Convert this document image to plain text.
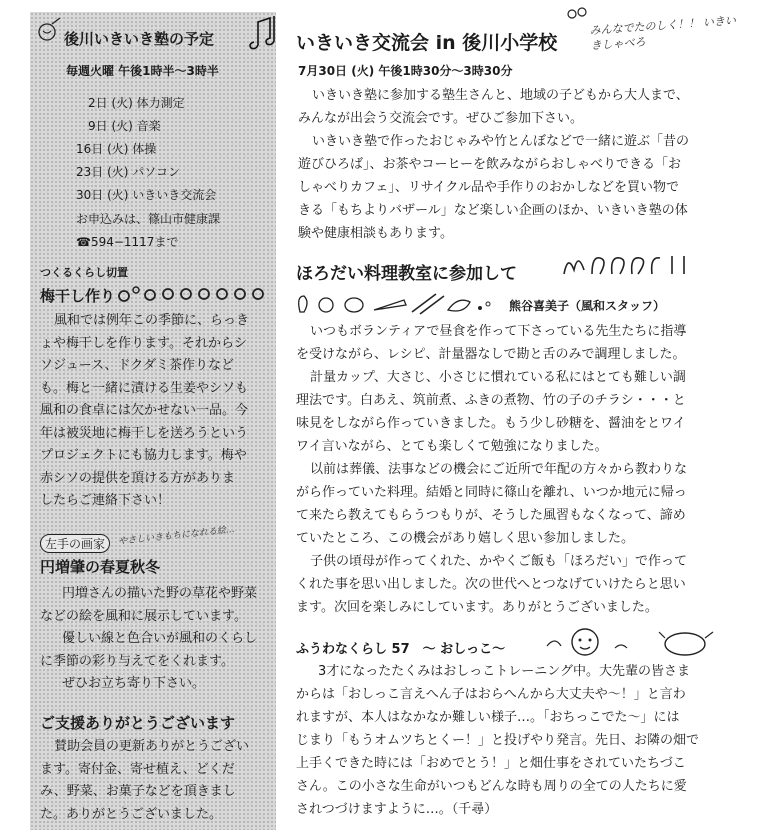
後川いきいき塾の予定
毎週火曜 午後1時半〜3時半
2日 (火) 体力測定
9日 (火) 音楽
16日 (火) 体操
23日 (火) パソコン
30日 (火) いきいき交流会
お申込みは、篠山市健康課
☎594−1117まで
つくるくらし切置
梅干し作り
風和では例年この季節に、らっき
ょや梅干しを作ります。それからシ
ソジュース、ドクダミ茶作りなど
も。梅と一緒に漬ける生姜やシソも
風和の食卓には欠かせない一品。今
年は被災地に梅干しを送ろうという
プロジェクトにも協力します。梅や
赤シソの提供を頂ける方がありま
したらご連絡下さい！
左手の画家	やさしいきもちになれる絵…
円増肇の春夏秋冬
円増さんの描いた野の草花や野菜
などの絵を風和に展示しています。
優しい線と色合いが風和のくらし
に季節の彩り与えてをくれます。
ぜひお立ち寄り下さい。
ご支援ありがとうございます
賛助会員の更新ありがとうござい
ます。寄付金、寄せ植え、どくだ
み、野菜、お菓子などを頂きまし
た。ありがとうございました。
いきいき交流会 in 後川小学校
みんなでたのしく！！ いきいきしゃべろ
7月30日 (火) 午後1時30分〜3時30分
いきいき塾に参加する塾生さんと、地域の子どもから大人まで、
みんなが出会う交流会です。ぜひご参加下さい。
いきいき塾で作ったおじゃみや竹とんぼなどで一緒に遊ぶ「昔の
遊びひろば」、お茶やコーヒーを飲みながらおしゃべりできる「お
しゃべりカフェ」、リサイクル品や手作りのおかしなどを買い物で
きる「もちよりバザール」など楽しい企画のほか、いきいき塾の体
験や健康相談もあります。
ほろだい料理教室に参加して
熊谷喜美子（風和スタッフ）
いつもボランティアで昼食を作って下さっている先生たちに指導
を受けながら、レシピ、計量器なしで勘と舌のみで調理しました。
計量カップ、大さじ、小さじに慣れている私にはとても難しい調
理法です。白あえ、筑前煮、ふきの煮物、竹の子のチラシ・・・と
味見をしながら作っていきました。もう少し砂糖を、醤油をとワイ
ワイ言いながら、とても楽しくて勉強になりました。
以前は葬儀、法事などの機会にご近所で年配の方々から教わりな
がら作っていた料理。結婚と同時に篠山を離れ、いつか地元に帰っ
て来たら教えてもらうつもりが、そうした風習もなくなって、諦め
ていたところ、この機会があり嬉しく思い参加しました。
子供の頃母が作ってくれた、かやくご飯も「ほろだい」で作って
くれた事を思い出しました。次の世代へとつなげていけたらと思い
ます。次回を楽しみにしています。ありがとうございました。
ふうわなくらし 57　〜 おしっこ〜
3才になったたくみはおしっこトレーニング中。大先輩の皆さま
からは「おしっこ言えへん子はおらへんから大丈夫や〜！」と言わ
れますが、本人はなかなか難しい様子…。「おちっこでた〜」には
じまり「もうオムツちとくー！」と投げやり発言。先日、お隣の畑で
上手くできた時には「おめでとう！」と畑仕事をされていたちづこ
さん。この小さな生命がいつもどんな時も周りの全ての人たちに愛
されつづけますように…。（千尋）
